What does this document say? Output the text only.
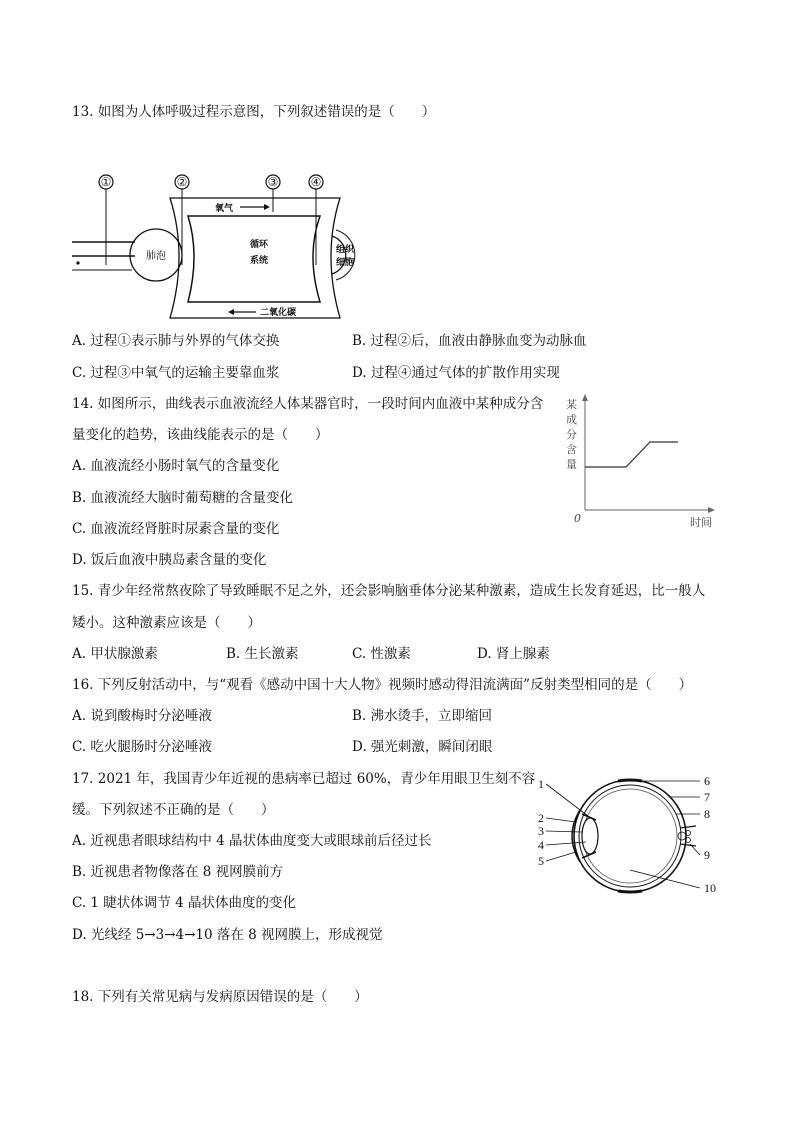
13. 如图为人体呼吸过程示意图，下列叙述错误的是（　　）
①	②	③	④
肺泡
氧气
循环
系统
二氧化碳
组织
细胞
A. 过程①表示肺与外界的气体交换	B. 过程②后，血液由静脉血变为动脉血
C. 过程③中氧气的运输主要靠血浆	D. 过程④通过气体的扩散作用实现
14. 如图所示，曲线表示血液流经人体某器官时，一段时间内血液中某种成分含
量变化的趋势，该曲线能表示的是（　　）
A. 血液流经小肠时氧气的含量变化
B. 血液流经大脑时葡萄糖的含量变化
C. 血液流经肾脏时尿素含量的变化
D. 饭后血液中胰岛素含量的变化
某
成
分
含
量
0	时间
15. 青少年经常熬夜除了导致睡眠不足之外，还会影响脑垂体分泌某种激素，造成生长发育延迟，比一般人
矮小。这种激素应该是（　　）
A. 甲状腺激素	B. 生长激素	C. 性激素	D. 肾上腺素
16. 下列反射活动中，与“观看《感动中国十大人物》视频时感动得泪流满面”反射类型相同的是（　　）
A. 说到酸梅时分泌唾液	B. 沸水烫手，立即缩回
C. 吃火腿肠时分泌唾液	D. 强光刺激，瞬间闭眼
17. 2021 年，我国青少年近视的患病率已超过 60%，青少年用眼卫生刻不容
缓。下列叙述不正确的是（　　）
A. 近视患者眼球结构中 4 晶状体曲度变大或眼球前后径过长
B. 近视患者物像落在 8 视网膜前方
C. 1 睫状体调节 4 晶状体曲度的变化
D. 光线经 5→3→4→10 落在 8 视网膜上，形成视觉
1
2
3
4
5
6
7
8
9
10
18. 下列有关常见病与发病原因错误的是（　　）
